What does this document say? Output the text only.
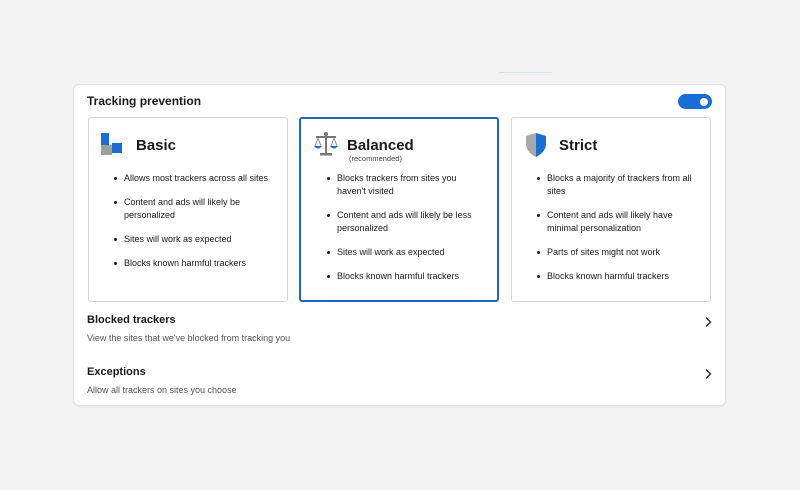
Tracking prevention
Basic
Allows most trackers across all sites
Content and ads will likely be personalized
Sites will work as expected
Blocks known harmful trackers
Balanced
(recommended)
Blocks trackers from sites you haven't visited
Content and ads will likely be less personalized
Sites will work as expected
Blocks known harmful trackers
Strict
Blocks a majority of trackers from all sites
Content and ads will likely have minimal personalization
Parts of sites might not work
Blocks known harmful trackers
Blocked trackers
View the sites that we've blocked from tracking you
Exceptions
Allow all trackers on sites you choose
